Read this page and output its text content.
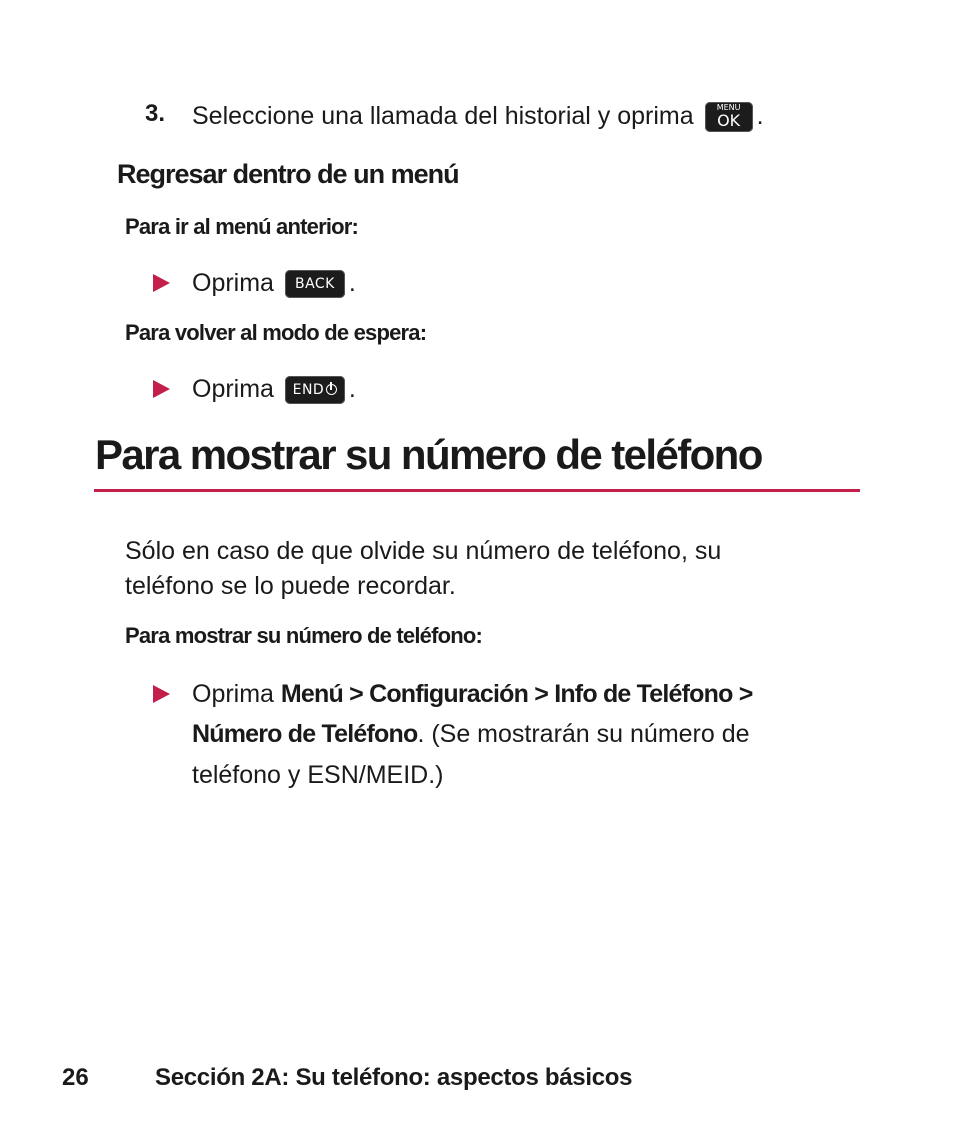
3. Seleccione una llamada del historial y oprima	MENU
OK .
Regresar dentro de un menú
Para ir al menú anterior:
Oprima BACK .
Para volver al modo de espera:
Oprima END .
Para mostrar su número de teléfono
Sólo en caso de que olvide su número de teléfono, su
teléfono se lo puede recordar.
Para mostrar su número de teléfono:
Oprima Menú > Configuración > Info de Teléfono >
Número de Teléfono. (Se mostrarán su número de
teléfono y ESN/MEID.)
26	Sección 2A: Su teléfono: aspectos básicos
